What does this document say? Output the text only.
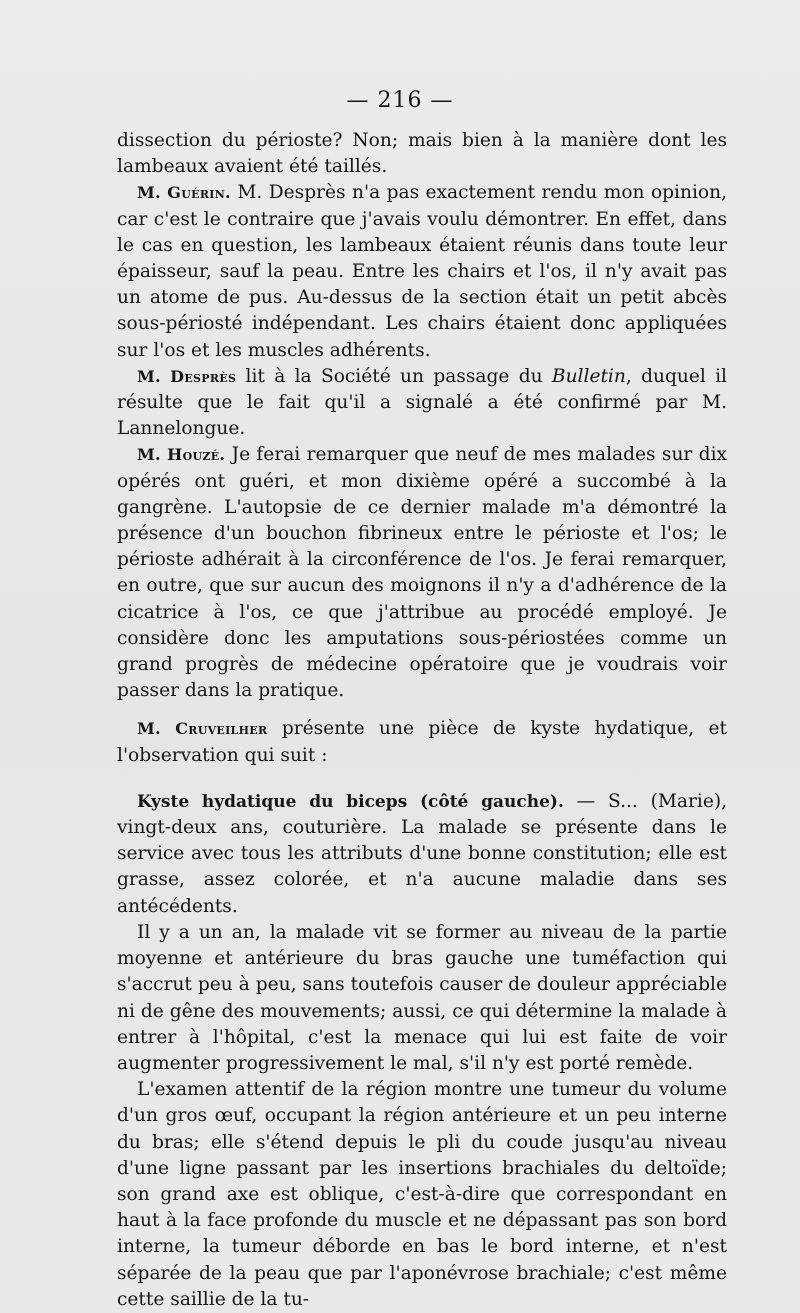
— 216 —

dissection du périoste? Non; mais bien à la manière dont les lambeaux avaient été taillés.

M. Guérin. M. Desprès n'a pas exactement rendu mon opinion, car c'est le contraire que j'avais voulu démontrer. En effet, dans le cas en question, les lambeaux étaient réunis dans toute leur épaisseur, sauf la peau. Entre les chairs et l'os, il n'y avait pas un atome de pus. Au-dessus de la section était un petit abcès sous-périosté indépendant. Les chairs étaient donc appliquées sur l'os et les muscles adhérents.

M. Desprès lit à la Société un passage du Bulletin, duquel il résulte que le fait qu'il a signalé a été confirmé par M. Lannelongue.

M. Houzé. Je ferai remarquer que neuf de mes malades sur dix opérés ont guéri, et mon dixième opéré a succombé à la gangrène. L'autopsie de ce dernier malade m'a démontré la présence d'un bouchon fibrineux entre le périoste et l'os; le périoste adhérait à la circonférence de l'os. Je ferai remarquer, en outre, que sur aucun des moignons il n'y a d'adhérence de la cicatrice à l'os, ce que j'attribue au procédé employé. Je considère donc les amputations sous-périostées comme un grand progrès de médecine opératoire que je voudrais voir passer dans la pratique.

M. Cruveilher présente une pièce de kyste hydatique, et l'observation qui suit :

Kyste hydatique du biceps (côté gauche). — S... (Marie), vingt-deux ans, couturière. La malade se présente dans le service avec tous les attributs d'une bonne constitution; elle est grasse, assez colorée, et n'a aucune maladie dans ses antécédents.

Il y a un an, la malade vit se former au niveau de la partie moyenne et antérieure du bras gauche une tuméfaction qui s'accrut peu à peu, sans toutefois causer de douleur appréciable ni de gêne des mouvements; aussi, ce qui détermine la malade à entrer à l'hôpital, c'est la menace qui lui est faite de voir augmenter progressivement le mal, s'il n'y est porté remède.

L'examen attentif de la région montre une tumeur du volume d'un gros œuf, occupant la région antérieure et un peu interne du bras; elle s'étend depuis le pli du coude jusqu'au niveau d'une ligne passant par les insertions brachiales du deltoïde; son grand axe est oblique, c'est-à-dire que correspondant en haut à la face profonde du muscle et ne dépassant pas son bord interne, la tumeur déborde en bas le bord interne, et n'est séparée de la peau que par l'aponévrose brachiale; c'est même cette saillie de la tu-
